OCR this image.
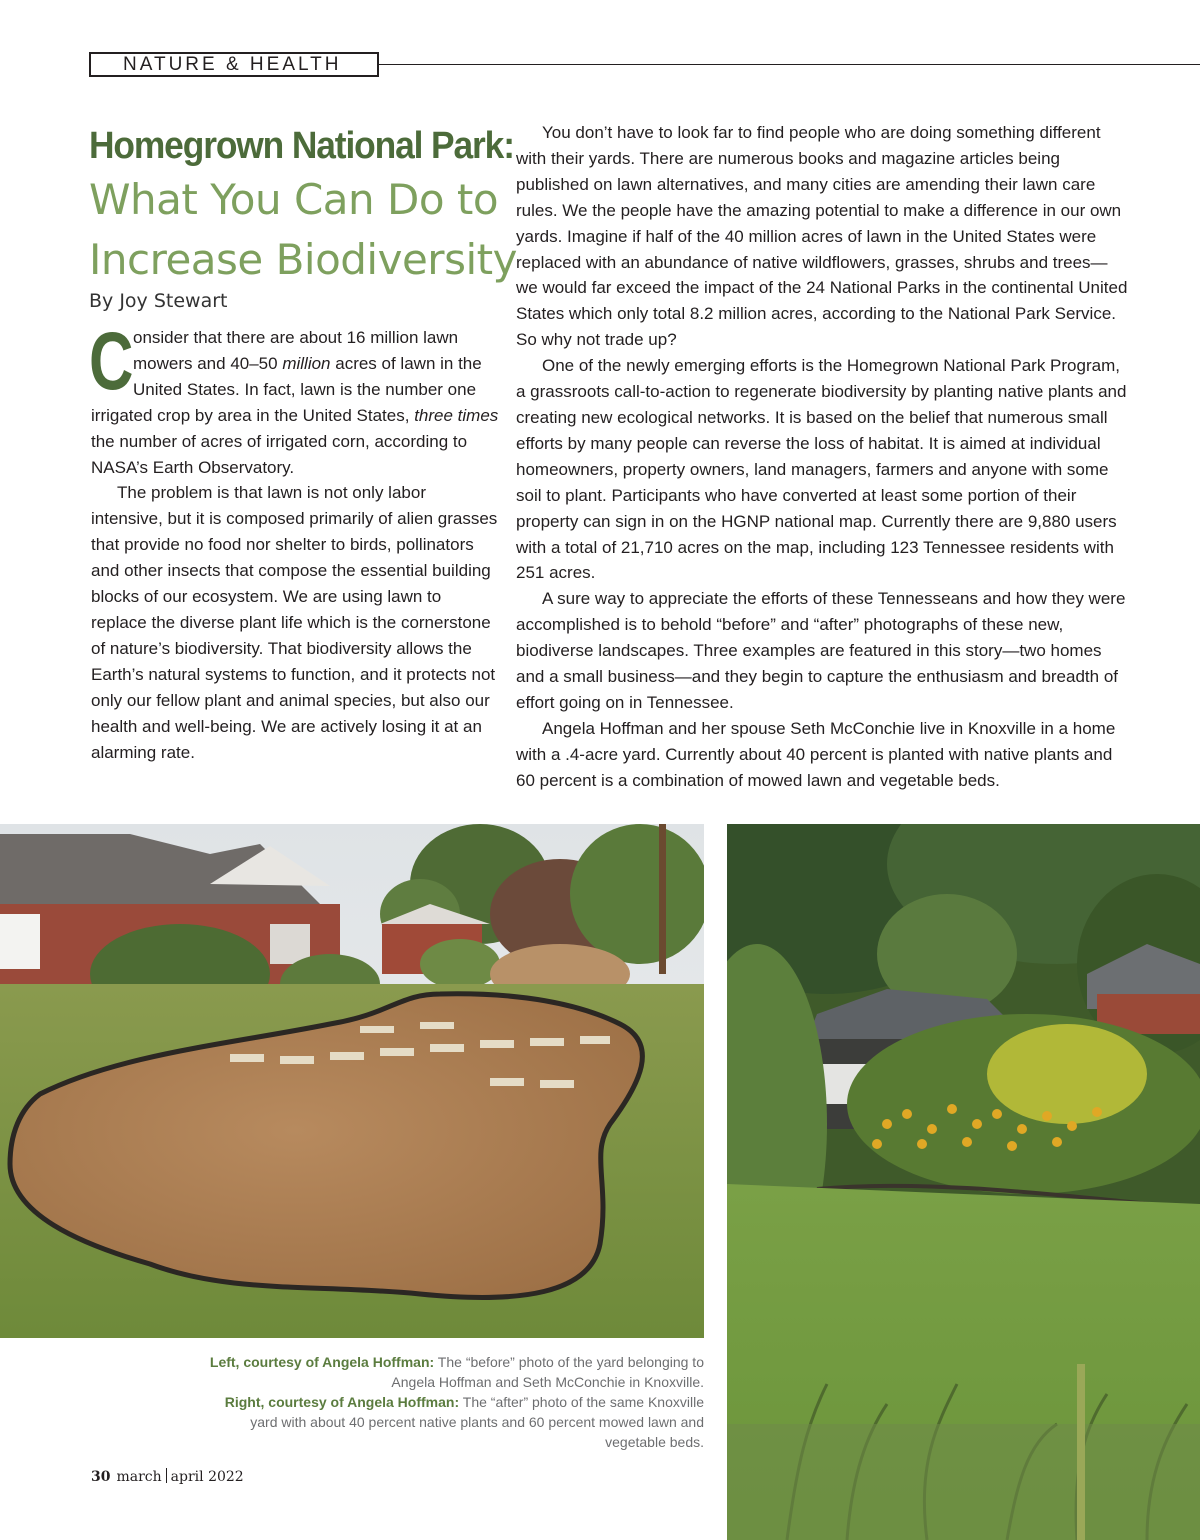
NATURE & HEALTH
Homegrown National Park:
What You Can Do to
Increase Biodiversity
By Joy Stewart

Consider that there are about 16 million lawn mowers and 40–50 million acres of lawn in the United States. In fact, lawn is the number one irrigated crop by area in the United States, three times the number of acres of irrigated corn, according to NASA’s Earth Observatory.

The problem is that lawn is not only labor intensive, but it is composed primarily of alien grasses that provide no food nor shelter to birds, pollinators and other insects that compose the essential building blocks of our ecosystem. We are using lawn to replace the diverse plant life which is the cornerstone of nature’s biodiversity. That biodiversity allows the Earth’s natural systems to function, and it protects not only our fellow plant and animal species, but also our health and well-being. We are actively losing it at an alarming rate.

You don’t have to look far to find people who are doing something different with their yards. There are numerous books and magazine articles being published on lawn alternatives, and many cities are amending their lawn care rules. We the people have the amazing potential to make a difference in our own yards. Imagine if half of the 40 million acres of lawn in the United States were replaced with an abundance of native wildflowers, grasses, shrubs and trees—we would far exceed the impact of the 24 National Parks in the continental United States which only total 8.2 million acres, according to the National Park Service. So why not trade up?

One of the newly emerging efforts is the Homegrown National Park Program, a grassroots call-to-action to regenerate biodiversity by planting native plants and creating new ecological networks. It is based on the belief that numerous small efforts by many people can reverse the loss of habitat. It is aimed at individual homeowners, property owners, land managers, farmers and anyone with some soil to plant. Participants who have converted at least some portion of their property can sign in on the HGNP national map. Currently there are 9,880 users with a total of 21,710 acres on the map, including 123 Tennessee residents with 251 acres.

A sure way to appreciate the efforts of these Tennesseans and how they were accomplished is to behold “before” and “after” photographs of these new, biodiverse landscapes. Three examples are featured in this story—two homes and a small business—and they begin to capture the enthusiasm and breadth of effort going on in Tennessee.

Angela Hoffman and her spouse Seth McConchie live in Knoxville in a home with a .4-acre yard. Currently about 40 percent is planted with native plants and 60 percent is a combination of mowed lawn and vegetable beds.

Left, courtesy of Angela Hoffman: The “before” photo of the yard belonging to Angela Hoffman and Seth McConchie in Knoxville.
Right, courtesy of Angela Hoffman: The “after” photo of the same Knoxville yard with about 40 percent native plants and 60 percent mowed lawn and vegetable beds.
30 march april 2022
